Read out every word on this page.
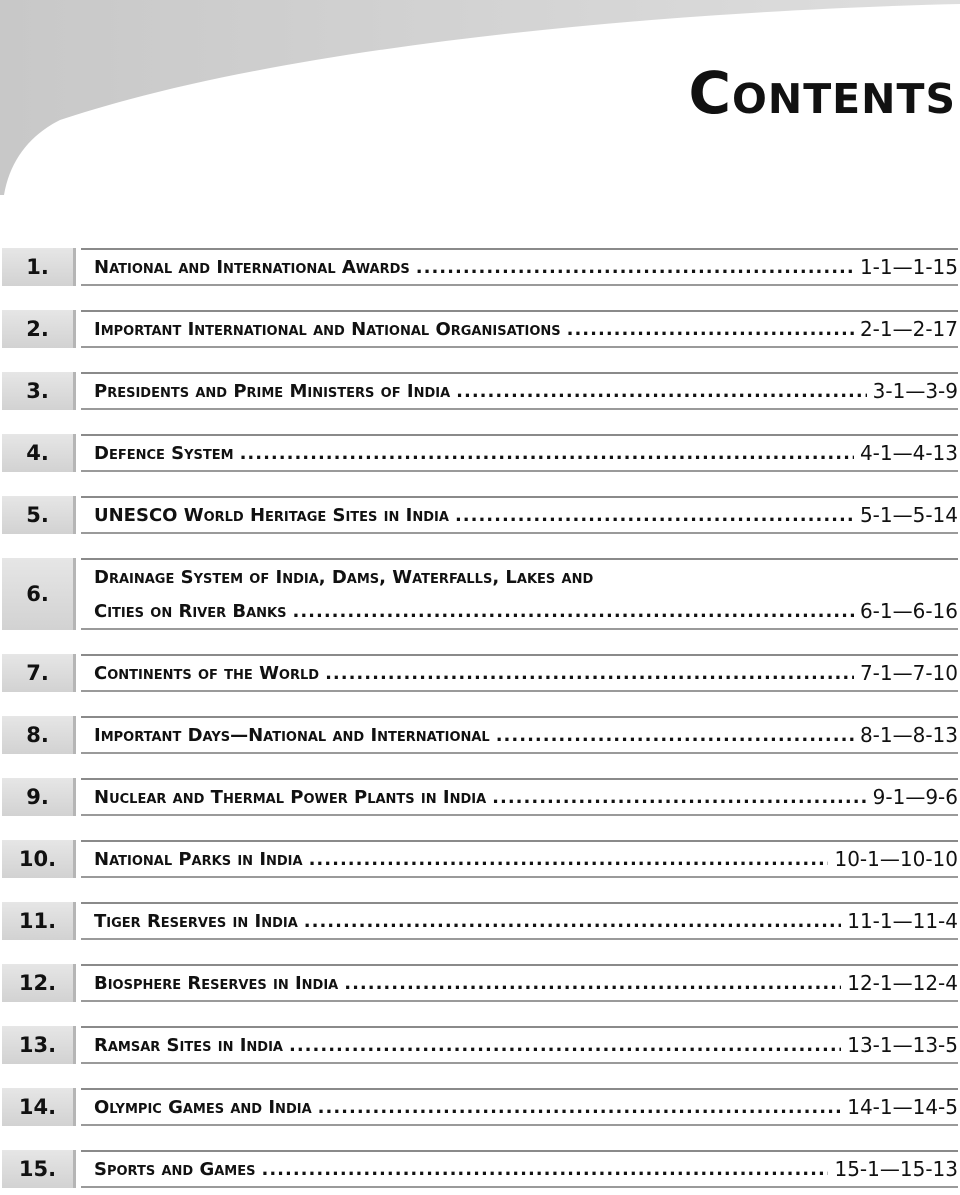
Contents
1.	National and International Awards .....	1-1—1-15
2.	Important International and National Organisations .....	2-1—2-17
3.	Presidents and Prime Ministers of India .....	3-1—3-9
4.	Defence System .....	4-1—4-13
5.	UNESCO World Heritage Sites in India .....	5-1—5-14
6.
Drainage System of India, Dams, Waterfalls, Lakes and
Cities on River Banks .....	6-1—6-16
7.	Continents of the World .....	7-1—7-10
8.	Important Days—National and International .....	8-1—8-13
9.	Nuclear and Thermal Power Plants in India .....	9-1—9-6
10.	National Parks in India .....	10-1—10-10
11.	Tiger Reserves in India .....	11-1—11-4
12.	Biosphere Reserves in India .....	12-1—12-4
13.	Ramsar Sites in India .....	13-1—13-5
14.	Olympic Games and India .....	14-1—14-5
15.	Sports and Games .....	15-1—15-13
